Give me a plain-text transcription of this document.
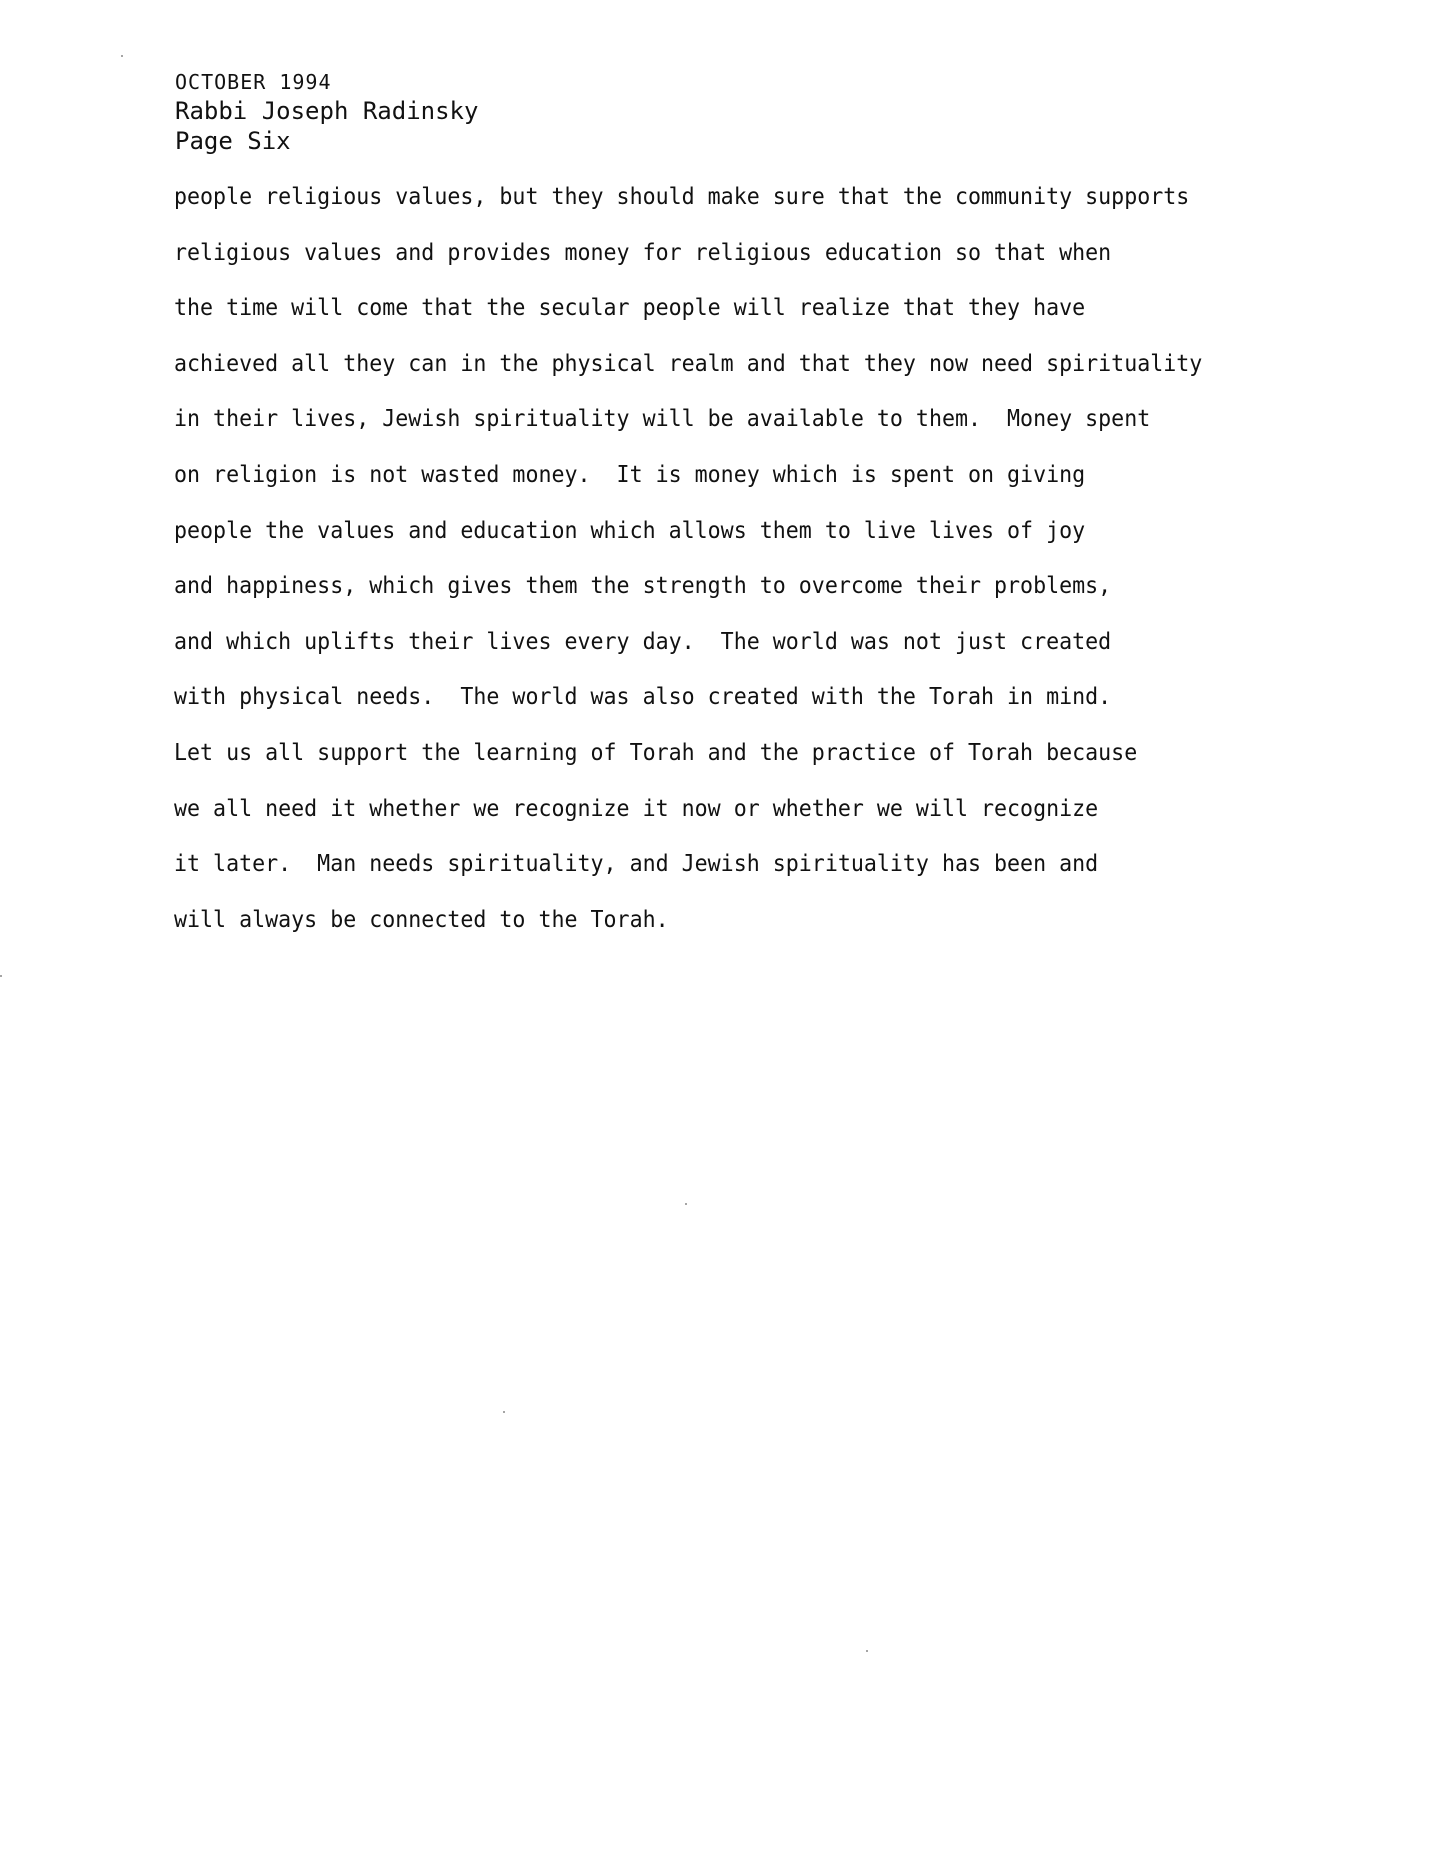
OCTOBER 1994
Rabbi Joseph Radinsky
Page Six
people religious values, but they should make sure that the community supports
religious values and provides money for religious education so that when
the time will come that the secular people will realize that they have
achieved all they can in the physical realm and that they now need spirituality
in their lives, Jewish spirituality will be available to them.  Money spent
on religion is not wasted money.  It is money which is spent on giving
people the values and education which allows them to live lives of joy
and happiness, which gives them the strength to overcome their problems,
and which uplifts their lives every day.  The world was not just created
with physical needs.  The world was also created with the Torah in mind.
Let us all support the learning of Torah and the practice of Torah because
we all need it whether we recognize it now or whether we will recognize
it later.  Man needs spirituality, and Jewish spirituality has been and
will always be connected to the Torah.
